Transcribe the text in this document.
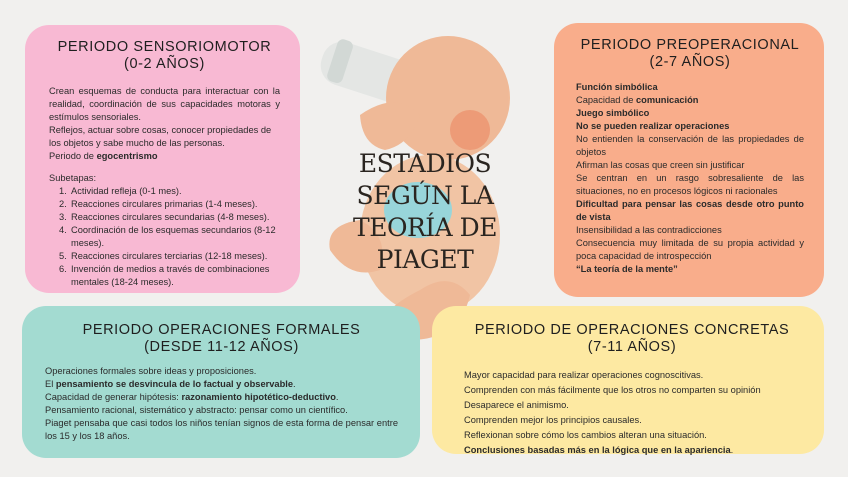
PERIODO SENSORIOMOTOR
(0-2 AÑOS)

Crean esquemas de conducta para interactuar con la realidad, coordinación de sus capacidades motoras y estímulos sensoriales.

Reflejos, actuar sobre cosas, conocer propiedades de los objetos y sabe mucho de las personas.

Periodo de egocentrismo

Subetapas:

1. Actividad refleja (0-1 mes).
2. Reacciones circulares primarias (1-4 meses).
3. Reacciones circulares secundarias (4-8 meses).
4. Coordinación de los esquemas secundarios (8-12 meses).
5. Reacciones circulares terciarias (12-18 meses).
6. Invención de medios a través de combinaciones mentales (18-24 meses).
PERIODO PREOPERACIONAL
(2-7 AÑOS)

Función simbólica

Capacidad de comunicación

Juego simbólico

No se pueden realizar operaciones

No entienden la conservación de las propiedades de objetos

Afirman las cosas que creen sin justificar

Se centran en un rasgo sobresaliente de las situaciones, no en procesos lógicos ni racionales

Dificultad para pensar las cosas desde otro punto de vista

Insensibilidad a las contradicciones

Consecuencia muy limitada de su propia actividad y poca capacidad de introspección

“La teoría de la mente”

PERIODO OPERACIONES FORMALES
(DESDE 11-12 AÑOS)

Operaciones formales sobre ideas y proposiciones.

El pensamiento se desvincula de lo factual y observable.

Capacidad de generar hipótesis: razonamiento hipotético-deductivo.

Pensamiento racional, sistemático y abstracto: pensar como un científico.

Piaget pensaba que casi todos los niños tenían signos de esta forma de pensar entre los 15 y los 18 años.

PERIODO DE OPERACIONES CONCRETAS
(7-11 AÑOS)

Mayor capacidad para realizar operaciones cognoscitivas.

Comprenden con más fácilmente que los otros no comparten su opinión

Desaparece el animismo.

Comprenden mejor los principios causales.

Reflexionan sobre cómo los cambios alteran una situación.

Conclusiones basadas más en la lógica que en la apariencia.

ESTADIOS
SEGÚN LA
TEORÍA DE
PIAGET
